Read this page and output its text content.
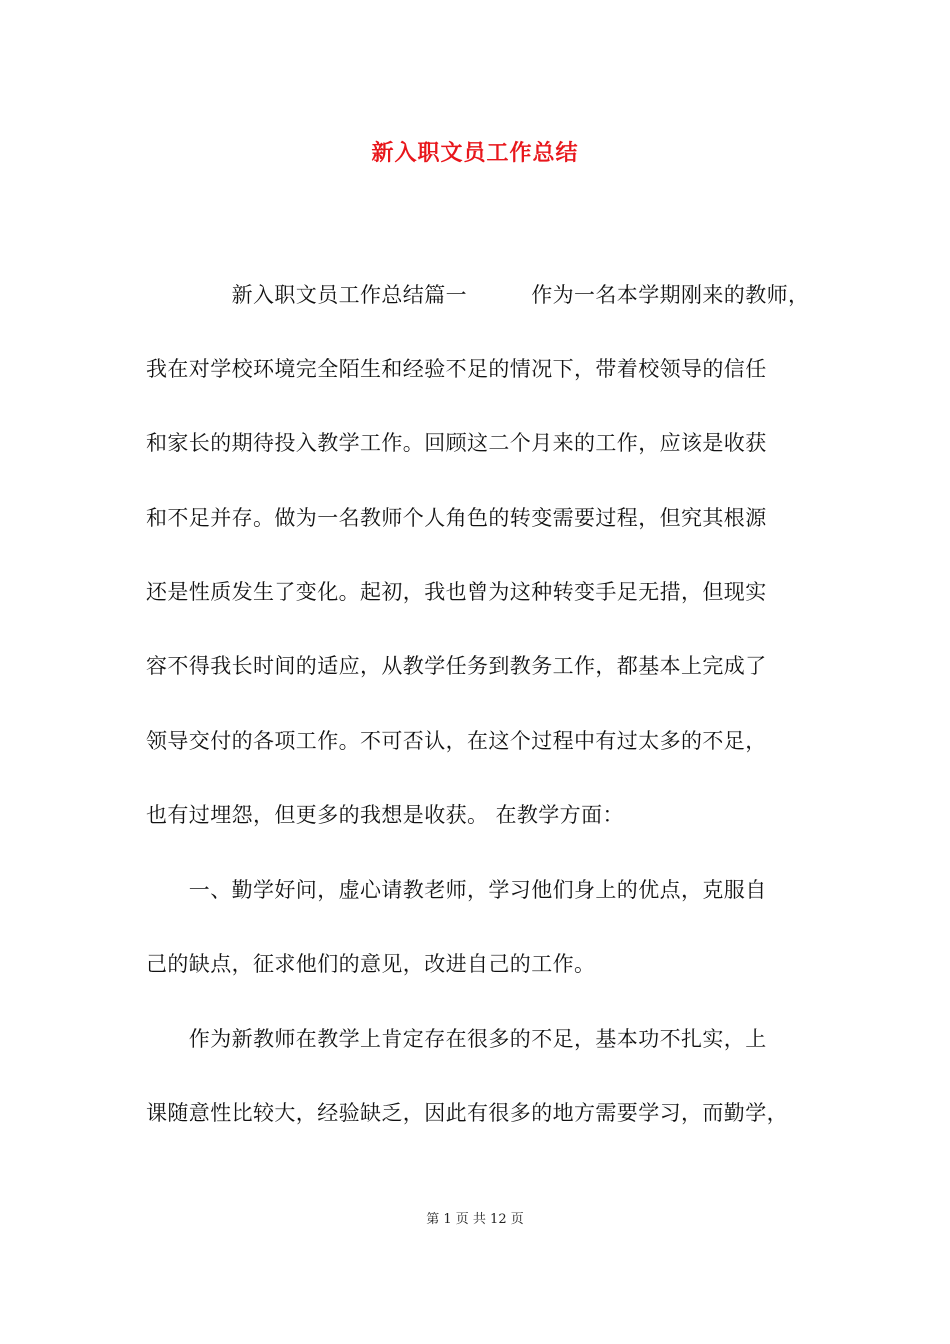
新入职文员工作总结
　　　　新入职文员工作总结篇一　　　作为一名本学期刚来的教师，
我在对学校环境完全陌生和经验不足的情况下，带着校领导的信任
和家长的期待投入教学工作。回顾这二个月来的工作，应该是收获
和不足并存。做为一名教师个人角色的转变需要过程，但究其根源
还是性质发生了变化。起初，我也曾为这种转变手足无措，但现实
容不得我长时间的适应，从教学任务到教务工作，都基本上完成了
领导交付的各项工作。不可否认，在这个过程中有过太多的不足，
也有过埋怨，但更多的我想是收获。 在教学方面：
　　一、勤学好问，虚心请教老师，学习他们身上的优点，克服自
己的缺点，征求他们的意见，改进自己的工作。
　　作为新教师在教学上肯定存在很多的不足，基本功不扎实，上
课随意性比较大，经验缺乏，因此有很多的地方需要学习，而勤学，
第 1 页 共 12 页
